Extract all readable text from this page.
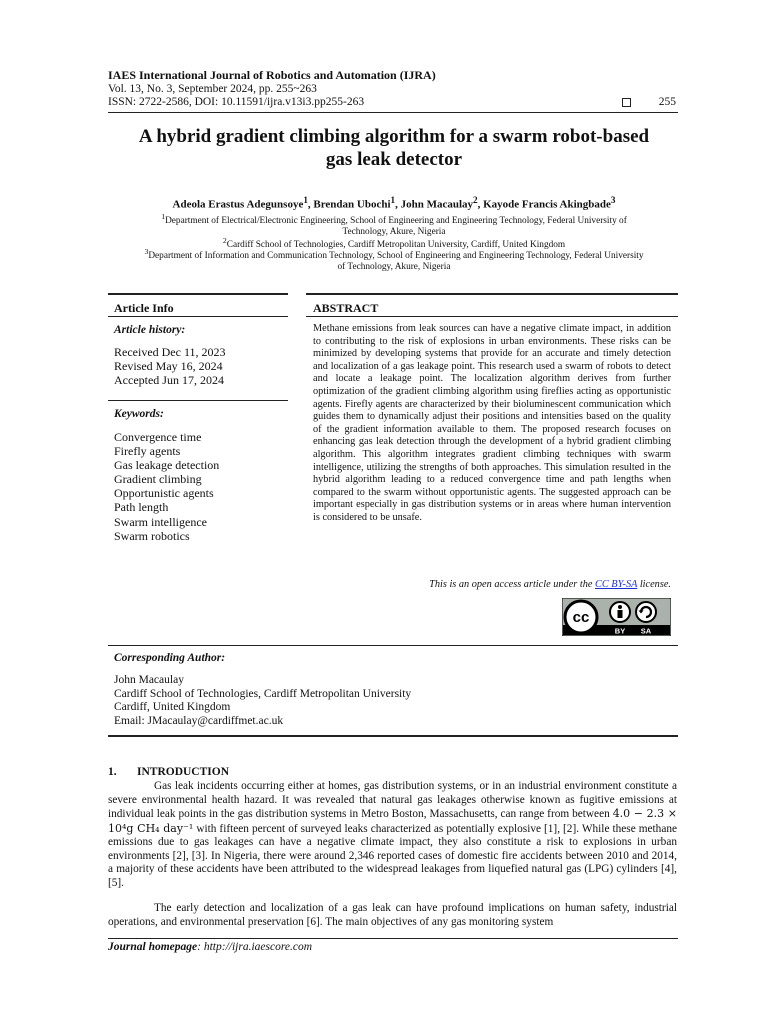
IAES International Journal of Robotics and Automation (IJRA)
Vol. 13, No. 3, September 2024, pp. 255~263
ISSN: 2722-2586, DOI: 10.11591/ijra.v13i3.pp255-263	255
A hybrid gradient climbing algorithm for a swarm robot-based
gas leak detector
Adeola Erastus Adegunsoye$^1$, Brendan Ubochi$^1$, John Macaulay$^2$, Kayode Francis Akingbade$^3$
$^1$Department of Electrical/Electronic Engineering, School of Engineering and Engineering Technology, Federal University of
Technology, Akure, Nigeria
$^2$Cardiff School of Technologies, Cardiff Metropolitan University, Cardiff, United Kingdom
$^3$Department of Information and Communication Technology, School of Engineering and Engineering Technology, Federal University
of Technology, Akure, Nigeria
Article Info	ABSTRACT
Article history:
Received Dec 11, 2023
Revised May 16, 2024
Accepted Jun 17, 2024
Keywords:
Convergence time
Firefly agents
Gas leakage detection
Gradient climbing
Opportunistic agents
Path length
Swarm intelligence
Swarm robotics
Methane emissions from leak sources can have a negative climate impact, in addition to contributing to the risk of explosions in urban environments. These risks can be minimized by developing systems that provide for an accurate and timely detection and localization of a gas leakage point. This research used a swarm of robots to detect and locate a leakage point. The localization algorithm derives from further optimization of the gradient climbing algorithm using fireflies acting as opportunistic agents. Firefly agents are characterized by their bioluminescent communication which guides them to dynamically adjust their positions and intensities based on the quality of the gradient information available to them. The proposed research focuses on enhancing gas leak detection through the development of a hybrid gradient climbing algorithm. This algorithm integrates gradient climbing techniques with swarm intelligence, utilizing the strengths of both approaches. This simulation resulted in the hybrid algorithm leading to a reduced convergence time and path lengths when compared to the swarm without opportunistic agents. The suggested approach can be important especially in gas distribution systems or in areas where human intervention is considered to be unsafe.
This is an open access article under the CC BY-SA license.
cc
BY SA
Corresponding Author:
John Macaulay
Cardiff School of Technologies, Cardiff Metropolitan University
Cardiff, United Kingdom
Email: JMacaulay@cardiffmet.ac.uk
1. INTRODUCTION
Gas leak incidents occurring either at homes, gas distribution systems, or in an industrial environment constitute a severe environmental health hazard. It was revealed that natural gas leakages otherwise known as fugitive emissions at individual leak points in the gas distribution systems in Metro Boston, Massachusetts, can range from between 4.0 − 2.3 × 10⁴g CH₄ day⁻¹ with fifteen percent of surveyed leaks characterized as potentially explosive [1], [2]. While these methane emissions due to gas leakages can have a negative climate impact, they also constitute a risk to explosions in urban environments [2], [3]. In Nigeria, there were around 2,346 reported cases of domestic fire accidents between 2010 and 2014, a majority of these accidents have been attributed to the widespread leakages from liquefied natural gas (LPG) cylinders [4], [5].
The early detection and localization of a gas leak can have profound implications on human safety, industrial operations, and environmental preservation [6]. The main objectives of any gas monitoring system
Journal homepage: http://ijra.iaescore.com
